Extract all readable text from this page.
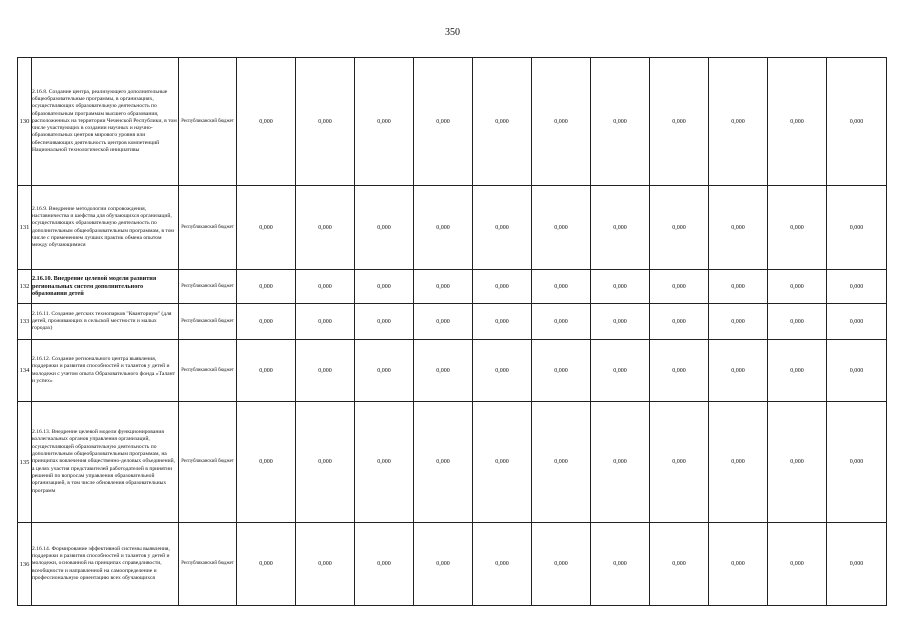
350
130	2.16.8. Создание центра, реализующего дополнительные общеобразовательные программы, в организациях, осуществляющих образовательную деятельность по образовательным программам высшего образования, расположенных на территории Чеченской Республики, в том числе участвующих в создании научных и научно-образовательных центров мирового уровня или обеспечивающих деятельность центров компетенций Национальной технологической инициативы	Республиканский бюджет	0,000	0,000	0,000	0,000	0,000	0,000	0,000	0,000	0,000	0,000	0,000
131	2.16.9. Внедрение методологии сопровождения, наставничества и шефства для обучающихся организаций, осуществляющих образовательную деятельность по дополнительным общеобразовательным программам, в том числе с применением лучших практик обмена опытом между обучающимися	Республиканский бюджет	0,000	0,000	0,000	0,000	0,000	0,000	0,000	0,000	0,000	0,000	0,000
132	2.16.10. Внедрение целевой модели развития региональных систем дополнительного образования детей	Республиканский бюджет	0,000	0,000	0,000	0,000	0,000	0,000	0,000	0,000	0,000	0,000	0,000
133	2.16.11. Создание детских технопарков "Кванториум" (для детей, проживающих в сельской местности и малых городах)	Республиканский бюджет	0,000	0,000	0,000	0,000	0,000	0,000	0,000	0,000	0,000	0,000	0,000
134	2.16.12. Создание регионального центра выявления, поддержки и развития способностей и талантов у детей и молодежи с учетом опыта Образовательного фонда «Талант и успех»	Республиканский бюджет	0,000	0,000	0,000	0,000	0,000	0,000	0,000	0,000	0,000	0,000	0,000
135	2.16.13. Внедрение целевой модели функционирования коллегиальных органов управления организаций, осуществляющей образовательную деятельность по дополнительным общеобразовательным программам, на принципах вовлечения общественно-деловых объединений, а целях участия представителей работодателей в принятии решений по вопросам управления образовательной организацией, в том числе обновления образовательных программ	Республиканский бюджет	0,000	0,000	0,000	0,000	0,000	0,000	0,000	0,000	0,000	0,000	0,000
136	2.16.14. Формирование эффективной системы выявления, поддержки и развития способностей и талантов у детей и молодежи, основанной на принципах справедливости, всеобщности и направленной на самоопределение и профессиональную ориентацию всех обучающихся	Республиканский бюджет	0,000	0,000	0,000	0,000	0,000	0,000	0,000	0,000	0,000	0,000	0,000
